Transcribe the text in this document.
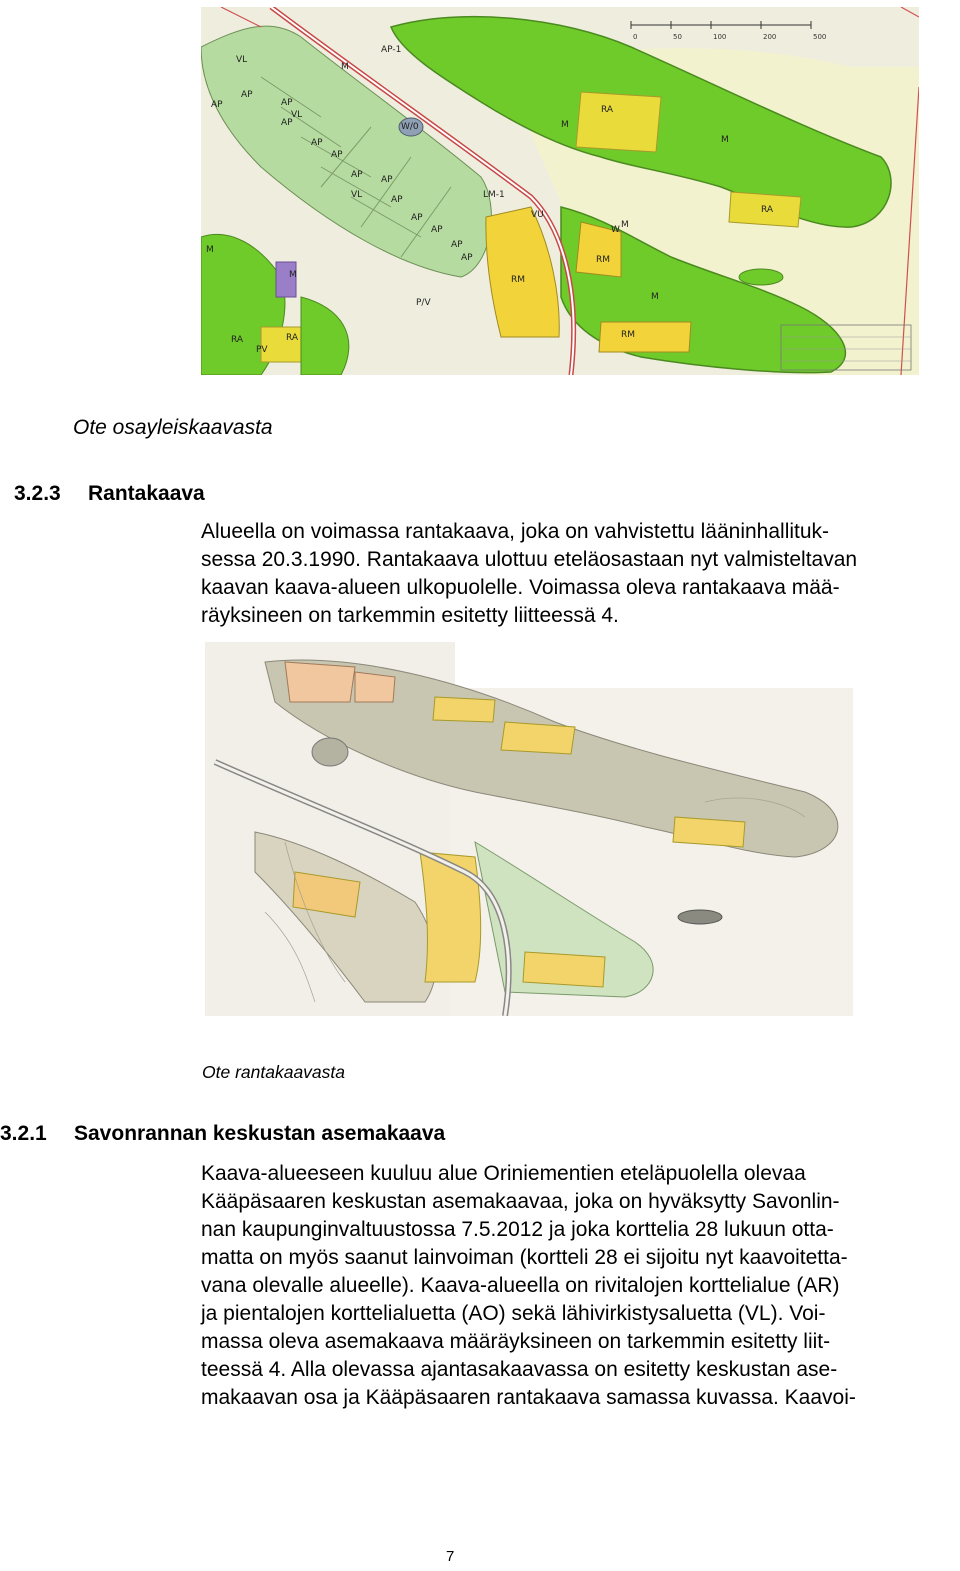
AP-1
VL
M
AP
AP
VL
AP
AP
AP
AP AP
VL	AP
AP
AP
AP
AP
W/0
RA
M
LM-1
VU
RM
RM
RA
M
M
M
RA
M
P/V
RM
M
PV
RA
AP
W
0	50	100	200	500
Ote osayleiskaavasta
3.2.3 Rantakaava
Alueella on voimassa rantakaava, joka on vahvistettu lääninhallituk-
sessa 20.3.1990. Rantakaava ulottuu eteläosastaan nyt valmisteltavan
kaavan kaava-alueen ulkopuolelle. Voimassa oleva rantakaava mää-
räyksineen on tarkemmin esitetty liitteessä 4.
Ote rantakaavasta
3.2.1 Savonrannan keskustan asemakaava
Kaava-alueeseen kuuluu alue Oriniementien eteläpuolella olevaa
Kääpäsaaren keskustan asemakaavaa, joka on hyväksytty Savonlin-
nan kaupunginvaltuustossa 7.5.2012 ja joka korttelia 28 lukuun otta-
matta on myös saanut lainvoiman (kortteli 28 ei sijoitu nyt kaavoitetta-
vana olevalle alueelle). Kaava-alueella on rivitalojen korttelialue (AR)
ja pientalojen korttelialuetta (AO) sekä lähivirkistysaluetta (VL). Voi-
massa oleva asemakaava määräyksineen on tarkemmin esitetty liit-
teessä 4. Alla olevassa ajantasakaavassa on esitetty keskustan ase-
makaavan osa ja Kääpäsaaren rantakaava samassa kuvassa. Kaavoi-
7
